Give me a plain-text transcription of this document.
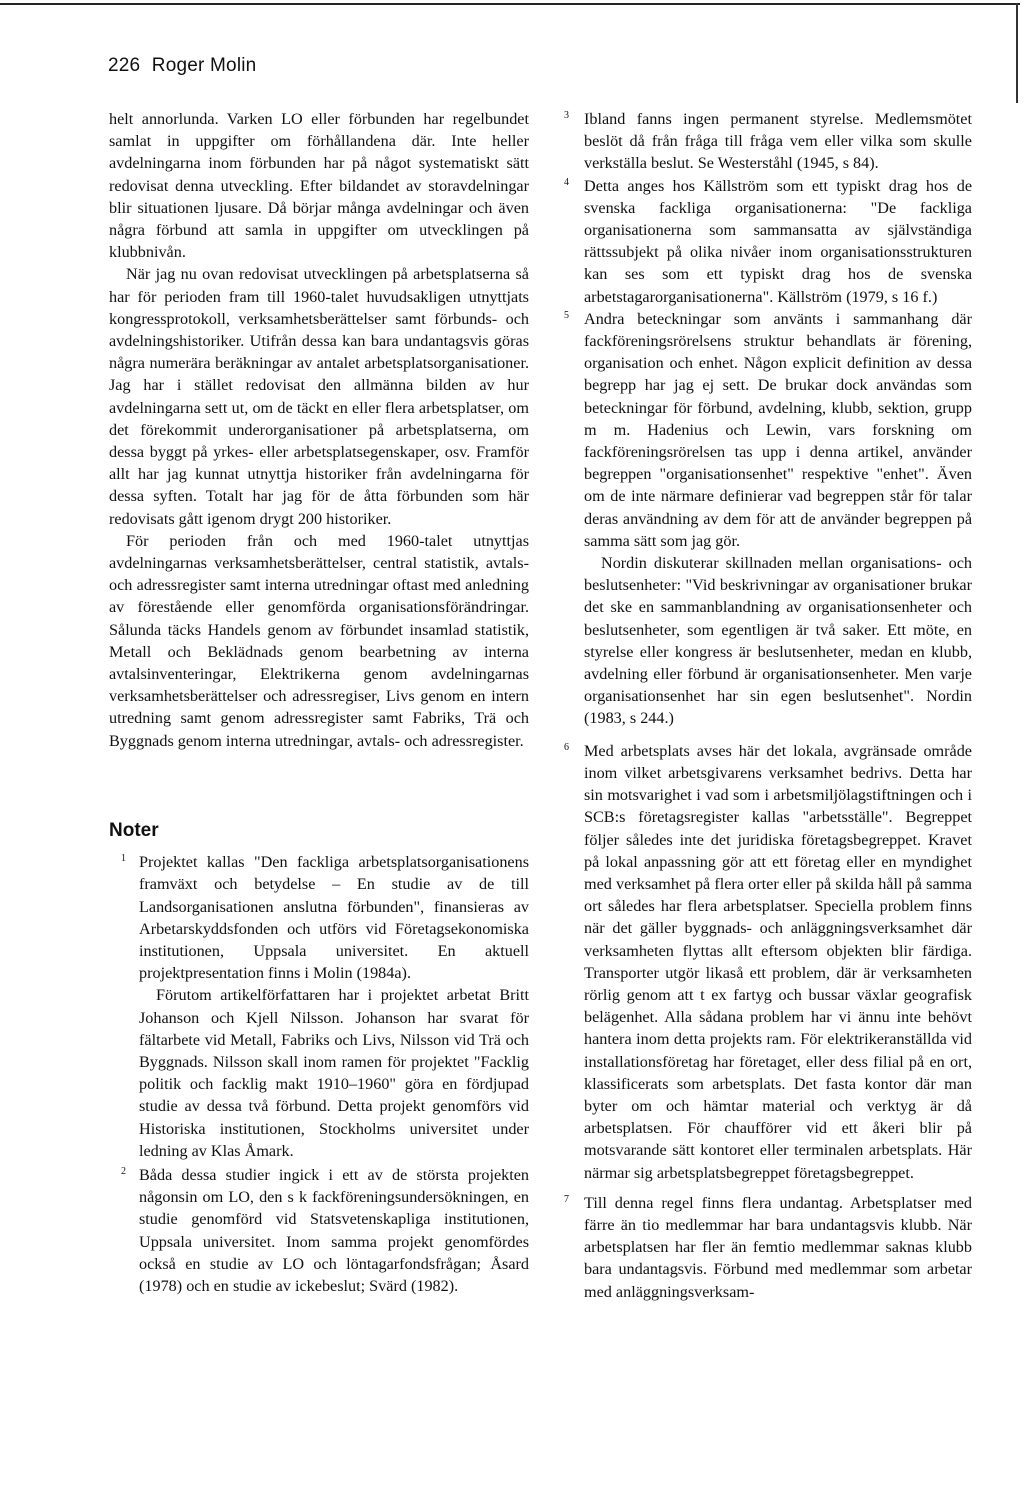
226 Roger Molin

helt annorlunda. Varken LO eller förbunden har regelbundet samlat in uppgifter om förhållandena där. Inte heller avdelningarna inom förbunden har på något systematiskt sätt redovisat denna utveckling. Efter bildandet av storavdelningar blir situationen ljusare. Då börjar många avdelningar och även några förbund att samla in uppgifter om utvecklingen på klubbnivån.

När jag nu ovan redovisat utvecklingen på arbetsplatserna så har för perioden fram till 1960-talet huvudsakligen utnyttjats kongressprotokoll, verksamhetsberättelser samt förbunds- och avdelningshistoriker. Utifrån dessa kan bara undantagsvis göras några numerära beräkningar av antalet arbetsplatsorganisationer. Jag har i stället redovisat den allmänna bilden av hur avdelningarna sett ut, om de täckt en eller flera arbetsplatser, om det förekommit underorganisationer på arbetsplatserna, om dessa byggt på yrkes- eller arbetsplatsegenskaper, osv. Framför allt har jag kunnat utnyttja historiker från avdelningarna för dessa syften. Totalt har jag för de åtta förbunden som här redovisats gått igenom drygt 200 historiker.

För perioden från och med 1960-talet utnyttjas avdelningarnas verksamhetsberättelser, central statistik, avtals- och adressregister samt interna utredningar oftast med anledning av förestående eller genomförda organisationsförändringar. Sålunda täcks Handels genom av förbundet insamlad statistik, Metall och Beklädnads genom bearbetning av interna avtalsinventeringar, Elektrikerna genom avdelningarnas verksamhetsberättelser och adressregiser, Livs genom en intern utredning samt genom adressregister samt Fabriks, Trä och Byggnads genom interna utredningar, avtals- och adressregister.

Noter
1 Projektet kallas "Den fackliga arbetsplatsorganisationens framväxt och betydelse – En studie av de till Landsorganisationen anslutna förbunden", finansieras av Arbetarskyddsfonden och utförs vid Företagsekonomiska institutionen, Uppsala universitet. En aktuell projektpresentation finns i Molin (1984a).

Förutom artikelförfattaren har i projektet arbetat Britt Johanson och Kjell Nilsson. Johanson har svarat för fältarbete vid Metall, Fabriks och Livs, Nilsson vid Trä och Byggnads. Nilsson skall inom ramen för projektet "Facklig politik och facklig makt 1910–1960" göra en fördjupad studie av dessa två förbund. Detta projekt genomförs vid Historiska institutionen, Stockholms universitet under ledning av Klas Åmark.

2 Båda dessa studier ingick i ett av de största projekten någonsin om LO, den s k fackföreningsundersökningen, en studie genomförd vid Statsvetenskapliga institutionen, Uppsala universitet. Inom samma projekt genomfördes också en studie av LO och löntagarfondsfrågan; Åsard (1978) och en studie av ickebeslut; Svärd (1982).

3 Ibland fanns ingen permanent styrelse. Medlemsmötet beslöt då från fråga till fråga vem eller vilka som skulle verkställa beslut. Se Westerståhl (1945, s 84).

4 Detta anges hos Källström som ett typiskt drag hos de svenska fackliga organisationerna: "De fackliga organisationerna som sammansatta av självständiga rättssubjekt på olika nivåer inom organisationsstrukturen kan ses som ett typiskt drag hos de svenska arbetstagarorganisationerna". Källström (1979, s 16 f.)

5 Andra beteckningar som använts i sammanhang där fackföreningsrörelsens struktur behandlats är förening, organisation och enhet. Någon explicit definition av dessa begrepp har jag ej sett. De brukar dock användas som beteckningar för förbund, avdelning, klubb, sektion, grupp m m. Hadenius och Lewin, vars forskning om fackföreningsrörelsen tas upp i denna artikel, använder begreppen "organisationsenhet" respektive "enhet". Även om de inte närmare definierar vad begreppen står för talar deras användning av dem för att de använder begreppen på samma sätt som jag gör.

Nordin diskuterar skillnaden mellan organisations- och beslutsenheter: "Vid beskrivningar av organisationer brukar det ske en sammanblandning av organisationsenheter och beslutsenheter, som egentligen är två saker. Ett möte, en styrelse eller kongress är beslutsenheter, medan en klubb, avdelning eller förbund är organisationsenheter. Men varje organisationsenhet har sin egen beslutsenhet". Nordin (1983, s 244.)

6 Med arbetsplats avses här det lokala, avgränsade område inom vilket arbetsgivarens verksamhet bedrivs. Detta har sin motsvarighet i vad som i arbetsmiljölagstiftningen och i SCB:s företagsregister kallas "arbetsställe". Begreppet följer således inte det juridiska företagsbegreppet. Kravet på lokal anpassning gör att ett företag eller en myndighet med verksamhet på flera orter eller på skilda håll på samma ort således har flera arbetsplatser. Speciella problem finns när det gäller byggnads- och anläggningsverksamhet där verksamheten flyttas allt eftersom objekten blir färdiga. Transporter utgör likaså ett problem, där är verksamheten rörlig genom att t ex fartyg och bussar växlar geografisk belägenhet. Alla sådana problem har vi ännu inte behövt hantera inom detta projekts ram. För elektrikeranställda vid installationsföretag har företaget, eller dess filial på en ort, klassificerats som arbetsplats. Det fasta kontor där man byter om och hämtar material och verktyg är då arbetsplatsen. För chaufförer vid ett åkeri blir på motsvarande sätt kontoret eller terminalen arbetsplats. Här närmar sig arbetsplatsbegreppet företagsbegreppet.

7 Till denna regel finns flera undantag. Arbetsplatser med färre än tio medlemmar har bara undantagsvis klubb. När arbetsplatsen har fler än femtio medlemmar saknas klubb bara undantagsvis. Förbund med medlemmar som arbetar med anläggningsverksam-
